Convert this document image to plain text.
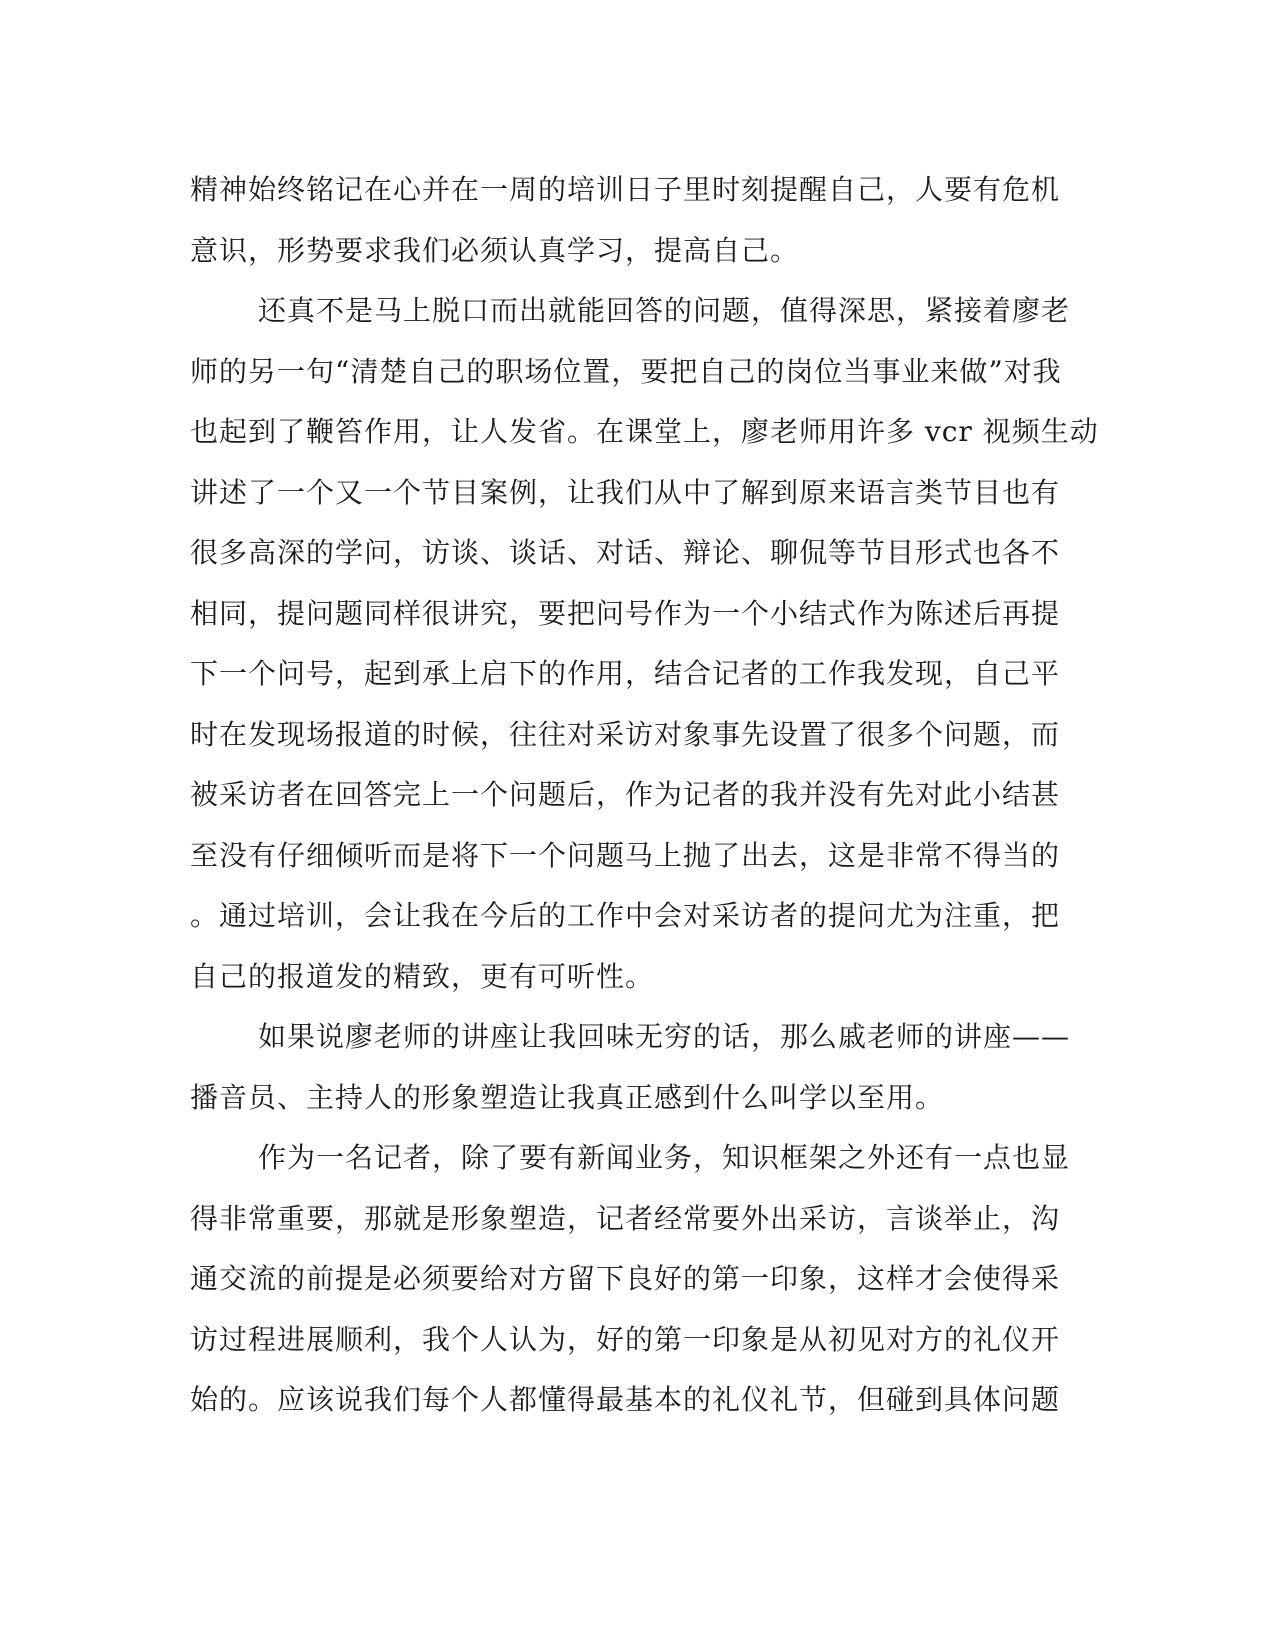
精神始终铭记在心并在一周的培训日子里时刻提醒自己，人要有危机
意识，形势要求我们必须认真学习，提高自己。
还真不是马上脱口而出就能回答的问题，值得深思，紧接着廖老
师的另一句“清楚自己的职场位置，要把自己的岗位当事业来做”对我
也起到了鞭笞作用，让人发省。在课堂上，廖老师用许多 vcr 视频生动
讲述了一个又一个节目案例，让我们从中了解到原来语言类节目也有
很多高深的学问，访谈、谈话、对话、辩论、聊侃等节目形式也各不
相同，提问题同样很讲究，要把问号作为一个小结式作为陈述后再提
下一个问号，起到承上启下的作用，结合记者的工作我发现，自己平
时在发现场报道的时候，往往对采访对象事先设置了很多个问题，而
被采访者在回答完上一个问题后，作为记者的我并没有先对此小结甚
至没有仔细倾听而是将下一个问题马上抛了出去，这是非常不得当的
。通过培训，会让我在今后的工作中会对采访者的提问尤为注重，把
自己的报道发的精致，更有可听性。
如果说廖老师的讲座让我回味无穷的话，那么戚老师的讲座——
播音员、主持人的形象塑造让我真正感到什么叫学以至用。
作为一名记者，除了要有新闻业务，知识框架之外还有一点也显
得非常重要，那就是形象塑造，记者经常要外出采访，言谈举止，沟
通交流的前提是必须要给对方留下良好的第一印象，这样才会使得采
访过程进展顺利，我个人认为，好的第一印象是从初见对方的礼仪开
始的。应该说我们每个人都懂得最基本的礼仪礼节，但碰到具体问题
